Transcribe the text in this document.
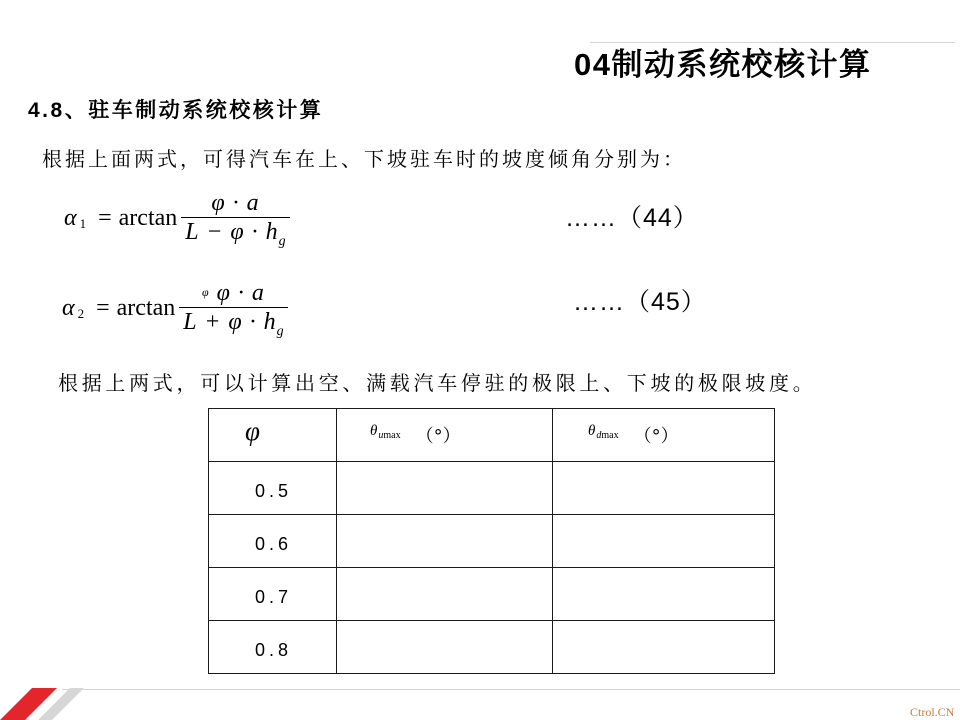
04制动系统校核计算
4.8、驻车制动系统校核计算
根据上面两式，可得汽车在上、下坡驻车时的坡度倾角分别为：
α $1 = \arctan \frac{\varphi \cdot a}{L - \varphi \cdot h_g}$	……（44）
α $2 = \arctan \frac{\text{φ φ · a}}{L + \varphi \cdot h_g}$	……（45）
根据上两式，可以计算出空、满载汽车停驻的极限上、下坡的极限坡度。
φ	θumax （°）	θdmax （°）

0.5		

0.6		

0.7		

0.8		

Ctrol.CN
